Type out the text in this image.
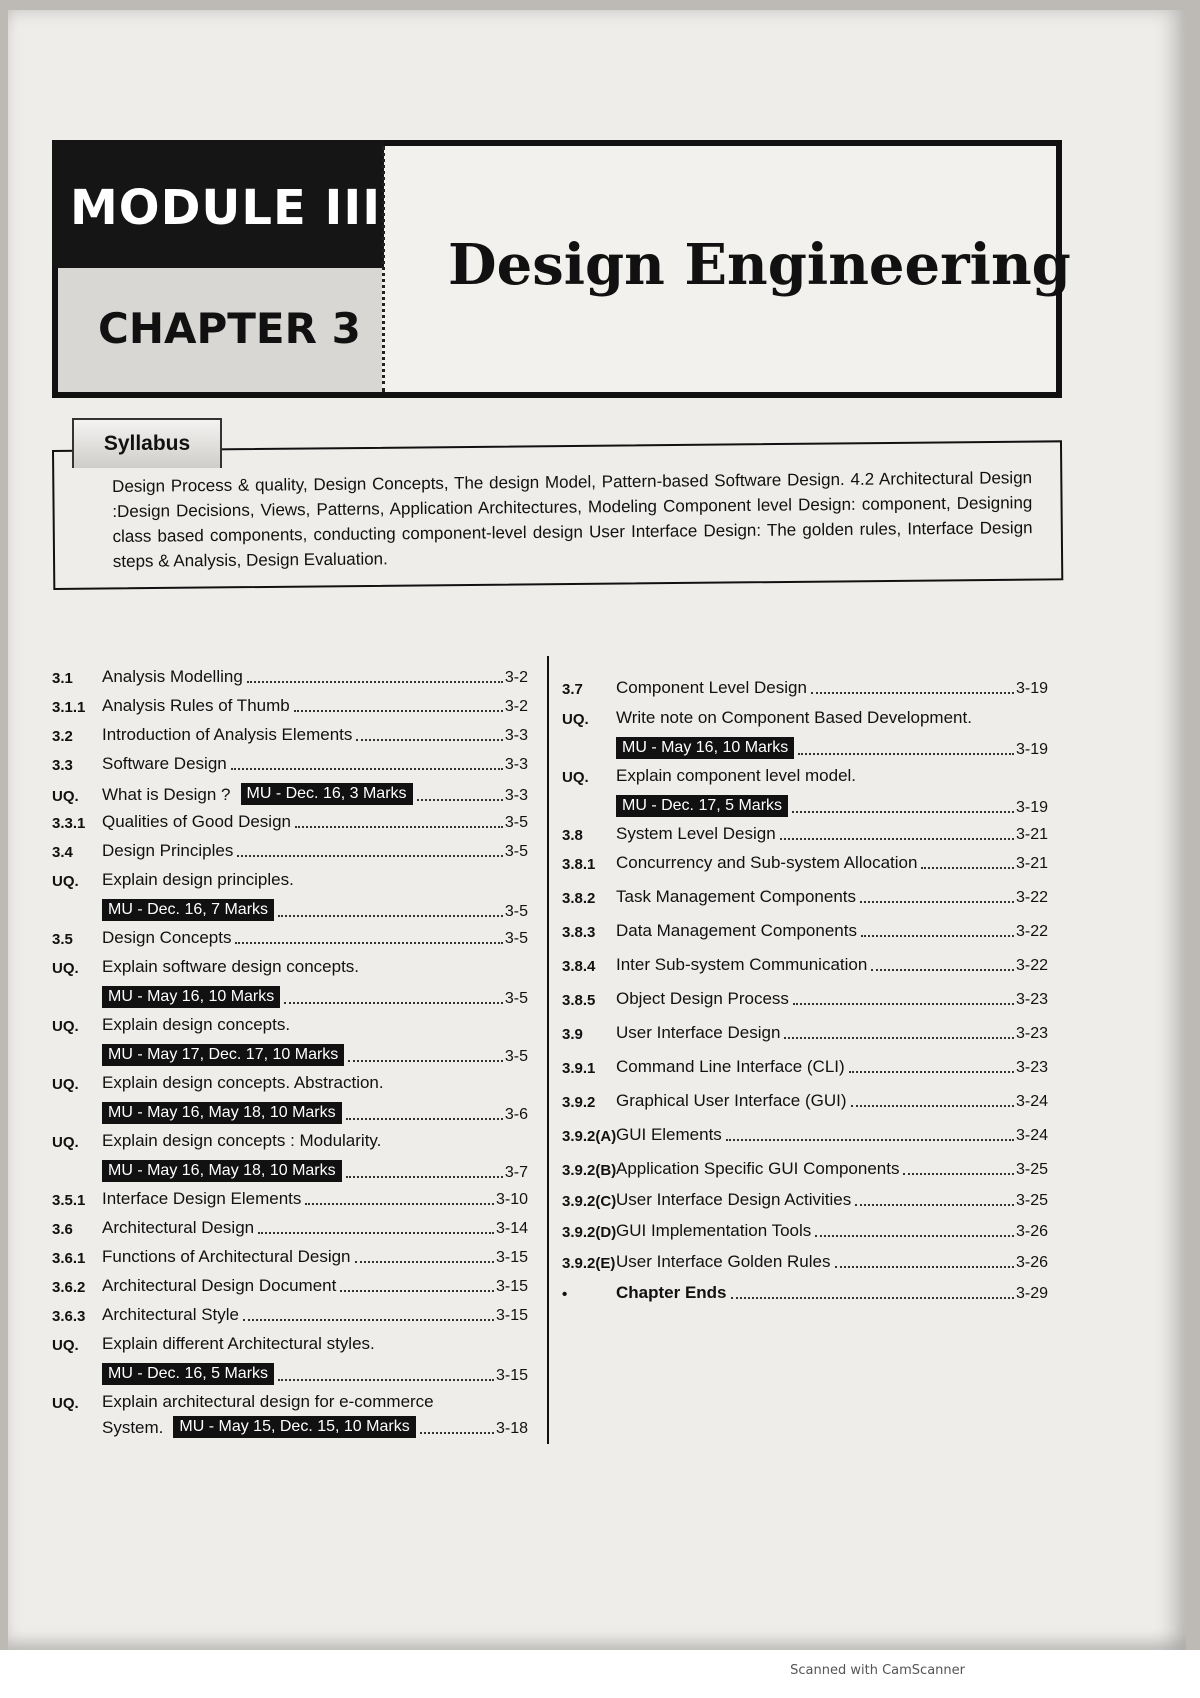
Scanned with CamScanner
MODULE III
CHAPTER 3
Design Engineering
Syllabus
Design Process & quality, Design Concepts, The design Model, Pattern-based Software Design. 4.2 Architectural Design :Design Decisions, Views, Patterns, Application Architectures, Modeling Component level Design: component, Designing class based components, conducting component-level design User Interface Design: The golden rules, Interface Design steps & Analysis, Design Evaluation.
3.1	Analysis Modelling	3-2
3.1.1 Analysis Rules of Thumb	3-2
3.2	Introduction of Analysis Elements	3-3
3.3	Software Design	3-3
UQ.	What is Design ?	MU - Dec. 16, 3 Marks	3-3
3.3.1 Qualities of Good Design	3-5
3.4	Design Principles	3-5
UQ.	Explain design principles.
MU - Dec. 16, 7 Marks	3-5
3.5	Design Concepts	3-5
UQ.	Explain software design concepts.
MU - May 16, 10 Marks	3-5
UQ.	Explain design concepts.
MU - May 17, Dec. 17, 10 Marks	3-5
UQ.	Explain design concepts. Abstraction.
MU - May 16, May 18, 10 Marks	3-6
UQ.	Explain design concepts : Modularity.
MU - May 16, May 18, 10 Marks	3-7
3.5.1 Interface Design Elements	3-10
3.6	Architectural Design	3-14
3.6.1 Functions of Architectural Design	3-15
3.6.2 Architectural Design Document	3-15
3.6.3 Architectural Style	3-15
UQ.	Explain different Architectural styles.
MU - Dec. 16, 5 Marks	3-15
UQ.	Explain architectural design for e-commerce
System.	MU - May 15, Dec. 15, 10 Marks	3-18
3.7	Component Level Design	3-19
UQ.	Write note on Component Based Development.
MU - May 16, 10 Marks	3-19
UQ.	Explain component level model.
MU - Dec. 17, 5 Marks	3-19
3.8	System Level Design	3-21
3.8.1	Concurrency and Sub-system Allocation	3-21
3.8.2	Task Management Components	3-22
3.8.3	Data Management Components	3-22
3.8.4	Inter Sub-system Communication	3-22
3.8.5	Object Design Process	3-23
3.9	User Interface Design	3-23
3.9.1	Command Line Interface (CLI)	3-23
3.9.2	Graphical User Interface (GUI)	3-24
3.9.2(A) GUI Elements	3-24
3.9.2(B) Application Specific GUI Components	3-25
3.9.2(C) User Interface Design Activities	3-25
3.9.2(D) GUI Implementation Tools	3-26
3.9.2(E) User Interface Golden Rules	3-26
•	Chapter Ends	3-29
